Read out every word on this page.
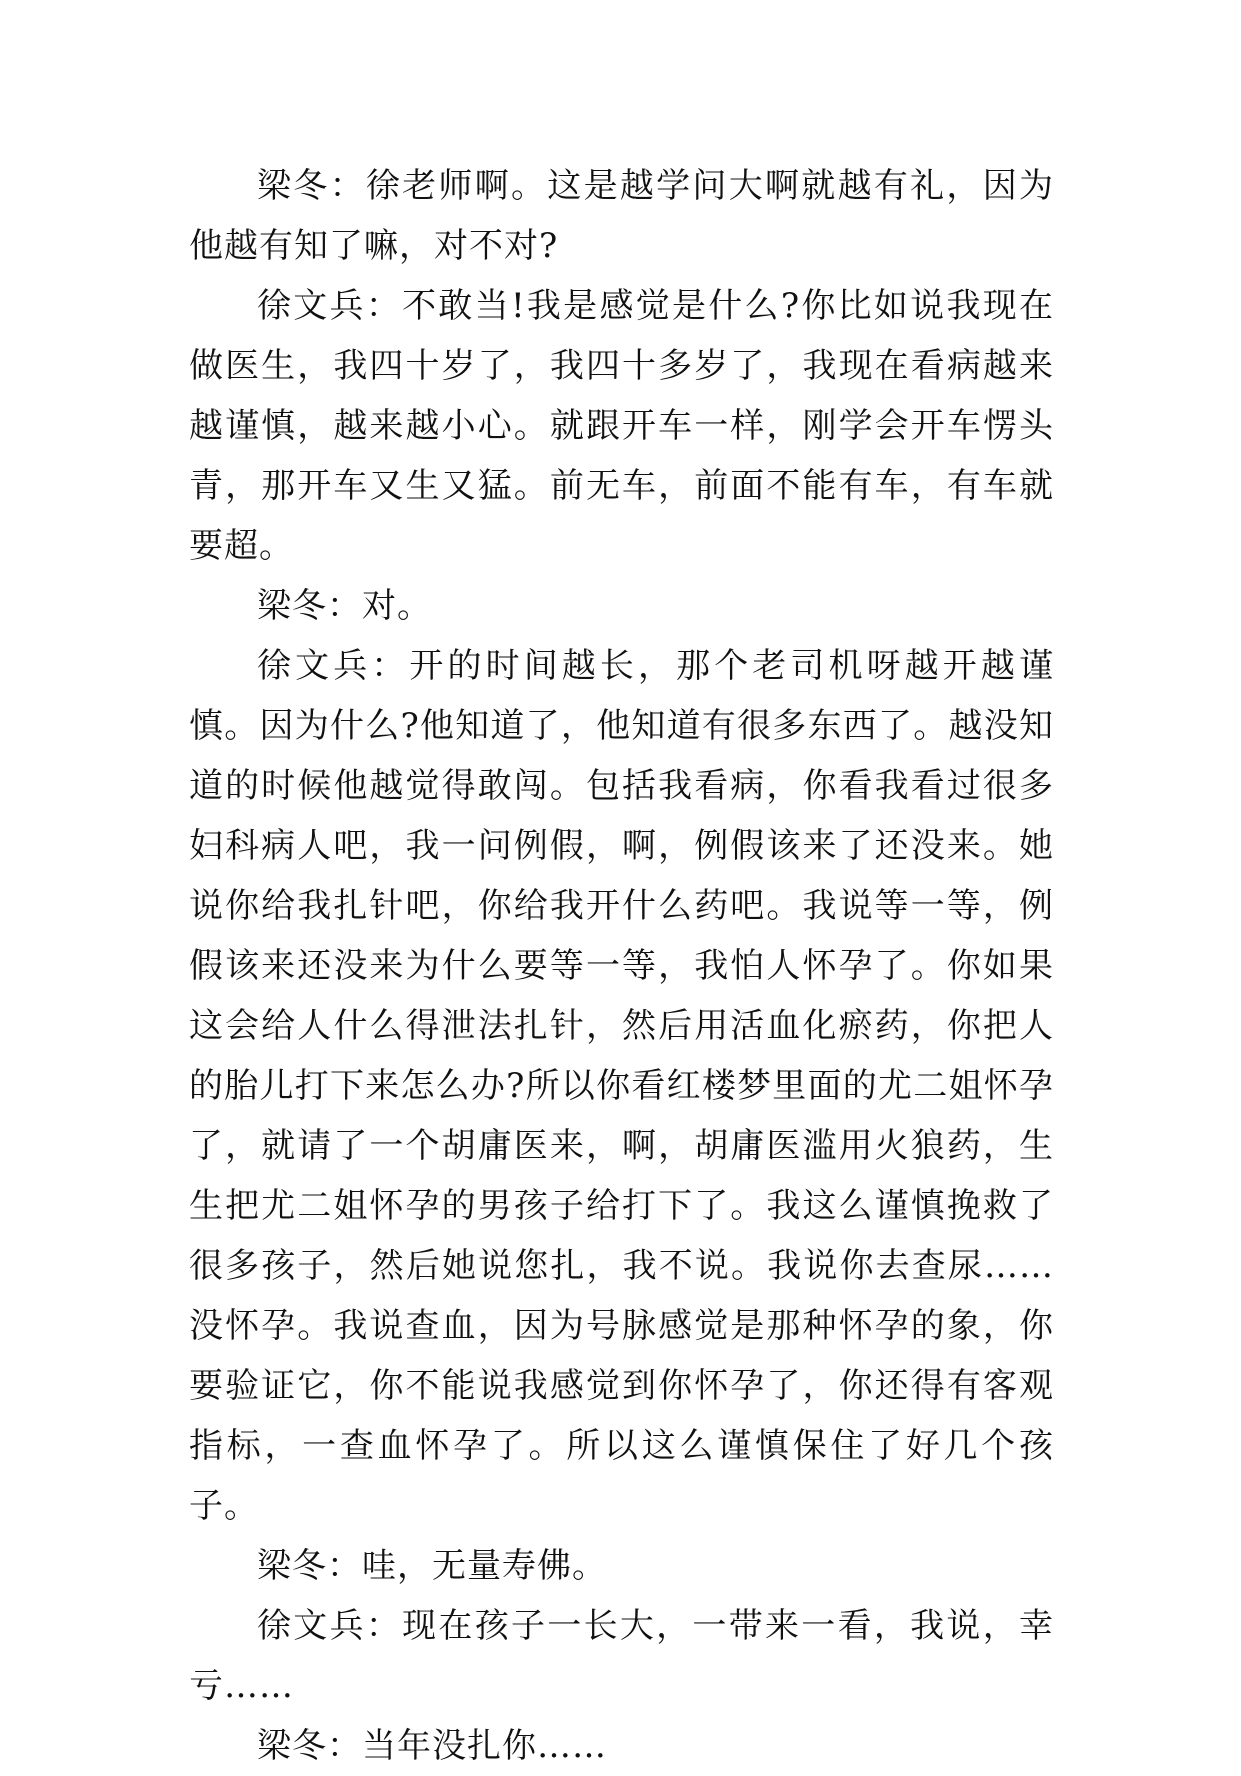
梁冬：徐老师啊。这是越学问大啊就越有礼，因为他越有知了嘛，对不对?

徐文兵：不敢当!我是感觉是什么?你比如说我现在做医生，我四十岁了，我四十多岁了，我现在看病越来越谨慎，越来越小心。就跟开车一样，刚学会开车愣头青，那开车又生又猛。前无车，前面不能有车，有车就要超。

梁冬：对。

徐文兵：开的时间越长，那个老司机呀越开越谨慎。因为什么?他知道了，他知道有很多东西了。越没知道的时候他越觉得敢闯。包括我看病，你看我看过很多妇科病人吧，我一问例假，啊，例假该来了还没来。她说你给我扎针吧，你给我开什么药吧。我说等一等，例假该来还没来为什么要等一等，我怕人怀孕了。你如果这会给人什么得泄法扎针，然后用活血化瘀药，你把人的胎儿打下来怎么办?所以你看红楼梦里面的尤二姐怀孕了，就请了一个胡庸医来，啊，胡庸医滥用火狼药，生生把尤二姐怀孕的男孩子给打下了。我这么谨慎挽救了很多孩子，然后她说您扎，我不说。我说你去查尿……没怀孕。我说查血，因为号脉感觉是那种怀孕的象，你要验证它，你不能说我感觉到你怀孕了，你还得有客观指标，一查血怀孕了。所以这么谨慎保住了好几个孩子。

梁冬：哇，无量寿佛。

徐文兵：现在孩子一长大，一带来一看，我说，幸亏……

梁冬：当年没扎你……
